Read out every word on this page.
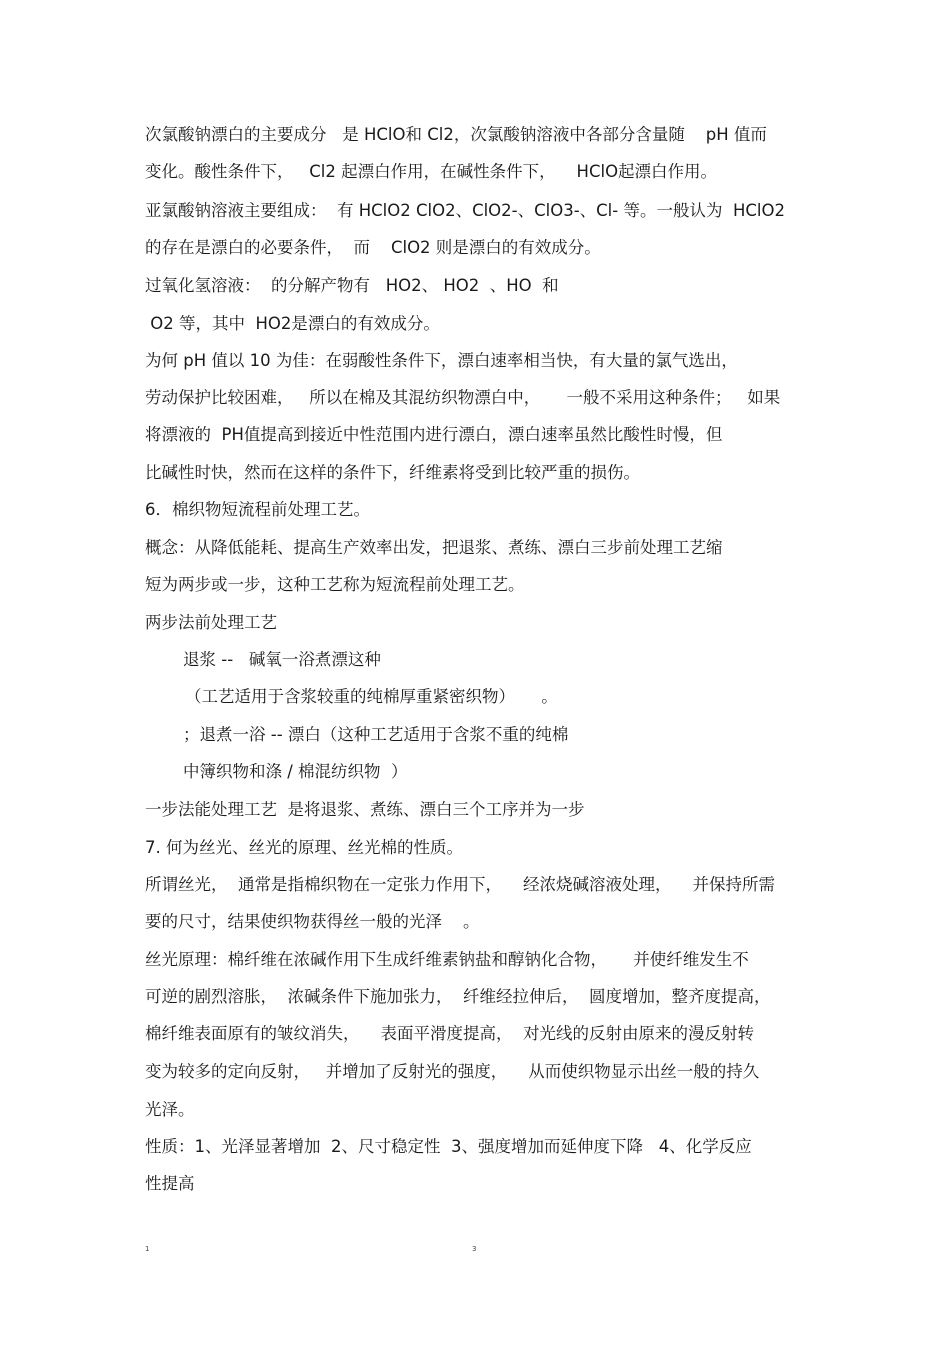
次氯酸钠漂白的主要成分   是 HClO和 Cl2，次氯酸钠溶液中各部分含量随    pH 值而
变化。酸性条件下，   Cl2 起漂白作用，在碱性条件下，    HClO起漂白作用。
亚氯酸钠溶液主要组成：  有 HClO2 ClO2、ClO2-、ClO3-、Cl- 等。一般认为  HClO2
的存在是漂白的必要条件，  而    ClO2 则是漂白的有效成分。
过氧化氢溶液：  的分解产物有   HO2、 HO2  、HO  和
O2 等，其中  HO2是漂白的有效成分。
为何 pH 值以 10 为佳：在弱酸性条件下，漂白速率相当快，有大量的氯气选出，
劳动保护比较困难，   所以在棉及其混纺织物漂白中，     一般不采用这种条件；   如果
将漂液的  PH值提高到接近中性范围内进行漂白，漂白速率虽然比酸性时慢，但
比碱性时快，然而在这样的条件下，纤维素将受到比较严重的损伤。
6．棉织物短流程前处理工艺。
概念：从降低能耗、提高生产效率出发，把退浆、煮练、漂白三步前处理工艺缩
短为两步或一步，这种工艺称为短流程前处理工艺。
两步法前处理工艺
退浆 --   碱氧一浴煮漂这种
（工艺适用于含浆较重的纯棉厚重紧密织物）     。
；退煮一浴 -- 漂白（这种工艺适用于含浆不重的纯棉
中簿织物和涤 / 棉混纺织物  ）
一步法能处理工艺  是将退浆、煮练、漂白三个工序并为一步
7. 何为丝光、丝光的原理、丝光棉的性质。
所谓丝光，  通常是指棉织物在一定张力作用下，    经浓烧碱溶液处理，    并保持所需
要的尺寸，结果使织物获得丝一般的光泽    。
丝光原理：棉纤维在浓碱作用下生成纤维素钠盐和醇钠化合物，     并使纤维发生不
可逆的剧烈溶胀，  浓碱条件下施加张力，  纤维经拉伸后，  圆度增加，整齐度提高，
棉纤维表面原有的皱纹消失，    表面平滑度提高，  对光线的反射由原来的漫反射转
变为较多的定向反射，   并增加了反射光的强度，    从而使织物显示出丝一般的持久
光泽。
性质：1、光泽显著增加  2、尺寸稳定性  3、强度增加而延伸度下降   4、化学反应
性提高
1	3
